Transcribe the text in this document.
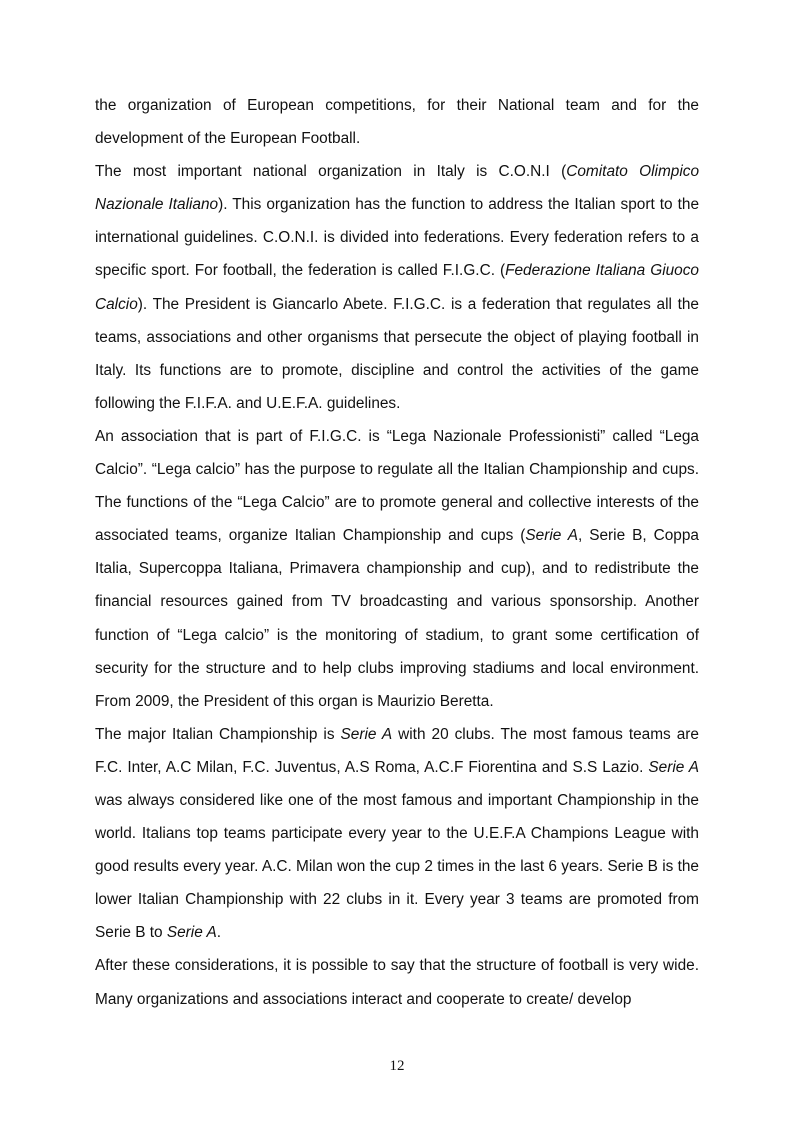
the organization of European competitions, for their National team and for the development of the European Football.

The most important national organization in Italy is C.O.N.I (Comitato Olimpico Nazionale Italiano). This organization has the function to address the Italian sport to the international guidelines. C.O.N.I. is divided into federations. Every federation refers to a specific sport. For football, the federation is called F.I.G.C. (Federazione Italiana Giuoco Calcio). The President is Giancarlo Abete. F.I.G.C. is a federation that regulates all the teams, associations and other organisms that persecute the object of playing football in Italy. Its functions are to promote, discipline and control the activities of the game following the F.I.F.A. and U.E.F.A. guidelines.

An association that is part of F.I.G.C. is “Lega Nazionale Professionisti” called “Lega Calcio”. “Lega calcio” has the purpose to regulate all the Italian Championship and cups. The functions of the “Lega Calcio” are to promote general and collective interests of the associated teams, organize Italian Championship and cups (Serie A, Serie B, Coppa Italia, Supercoppa Italiana, Primavera championship and cup), and to redistribute the financial resources gained from TV broadcasting and various sponsorship. Another function of “Lega calcio” is the monitoring of stadium, to grant some certification of security for the structure and to help clubs improving stadiums and local environment. From 2009, the President of this organ is Maurizio Beretta.

The major Italian Championship is Serie A with 20 clubs. The most famous teams are F.C. Inter, A.C Milan, F.C. Juventus, A.S Roma, A.C.F Fiorentina and S.S Lazio. Serie A was always considered like one of the most famous and important Championship in the world. Italians top teams participate every year to the U.E.F.A Champions League with good results every year. A.C. Milan won the cup 2 times in the last 6 years. Serie B is the lower Italian Championship with 22 clubs in it. Every year 3 teams are promoted from Serie B to Serie A.

After these considerations, it is possible to say that the structure of football is very wide. Many organizations and associations interact and cooperate to create/ develop

12
